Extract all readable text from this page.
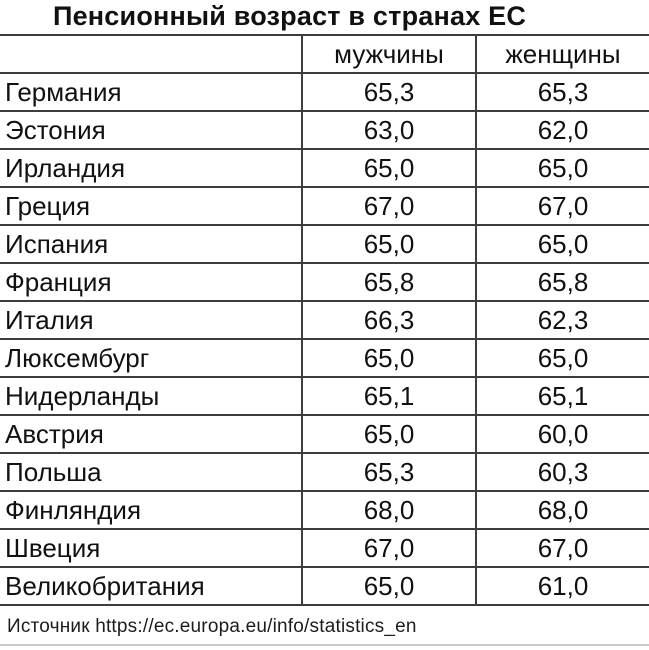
Пенсионный возраст в странах ЕС
	мужчины	женщины
Германия	65,3	65,3
Эстония	63,0	62,0
Ирландия	65,0	65,0
Греция	67,0	67,0
Испания	65,0	65,0
Франция	65,8	65,8
Италия	66,3	62,3
Люксембург	65,0	65,0
Нидерланды	65,1	65,1
Австрия	65,0	60,0
Польша	65,3	60,3
Финляндия	68,0	68,0
Швеция	67,0	67,0
Великобритания	65,0	61,0
Источник https://ec.europa.eu/info/statistics_en
